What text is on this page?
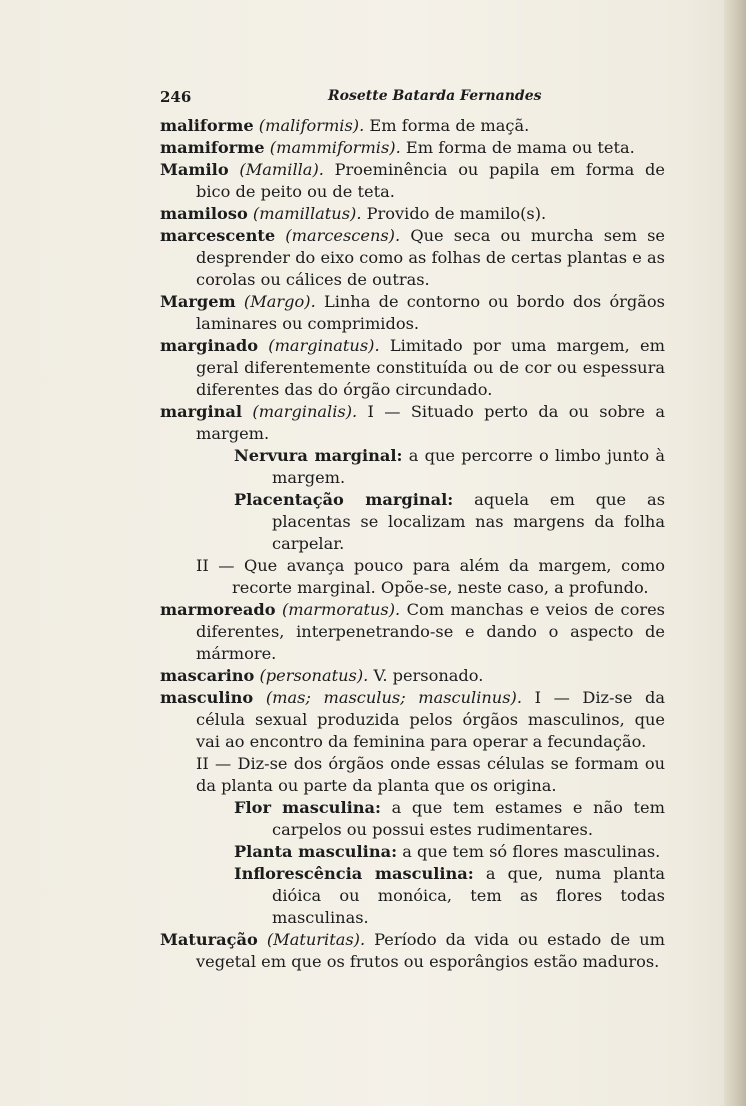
246	Rosette Batarda Fernandes

maliforme (maliformis). Em forma de maçã.

mamiforme (mammiformis). Em forma de mama ou teta.

Mamilo (Mamilla). Proeminência ou papila em forma de bico de peito ou de teta.

mamiloso (mamillatus). Provido de mamilo(s).

marcescente (marcescens). Que seca ou murcha sem se desprender do eixo como as folhas de certas plantas e as corolas ou cálices de outras.

Margem (Margo). Linha de contorno ou bordo dos órgãos laminares ou comprimidos.

marginado (marginatus). Limitado por uma margem, em geral diferentemente constituída ou de cor ou espessura diferentes das do órgão circundado.

marginal (marginalis). I — Situado perto da ou sobre a margem.

Nervura marginal: a que percorre o limbo junto à margem.

Placentação marginal: aquela em que as placentas se localizam nas margens da folha carpelar.

II — Que avança pouco para além da margem, como recorte marginal. Opõe-se, neste caso, a profundo.

marmoreado (marmoratus). Com manchas e veios de cores diferentes, interpenetrando-se e dando o aspecto de mármore.

mascarino (personatus). V. personado.

masculino (mas; masculus; masculinus). I — Diz-se da célula sexual produzida pelos órgãos masculinos, que vai ao encontro da feminina para operar a fecundação.

II — Diz-se dos órgãos onde essas células se formam ou da planta ou parte da planta que os origina.

Flor masculina: a que tem estames e não tem carpelos ou possui estes rudimentares.

Planta masculina: a que tem só flores masculinas.

Inflorescência masculina: a que, numa planta dióica ou monóica, tem as flores todas masculinas.

Maturação (Maturitas). Período da vida ou estado de um vegetal em que os frutos ou esporângios estão maduros.
